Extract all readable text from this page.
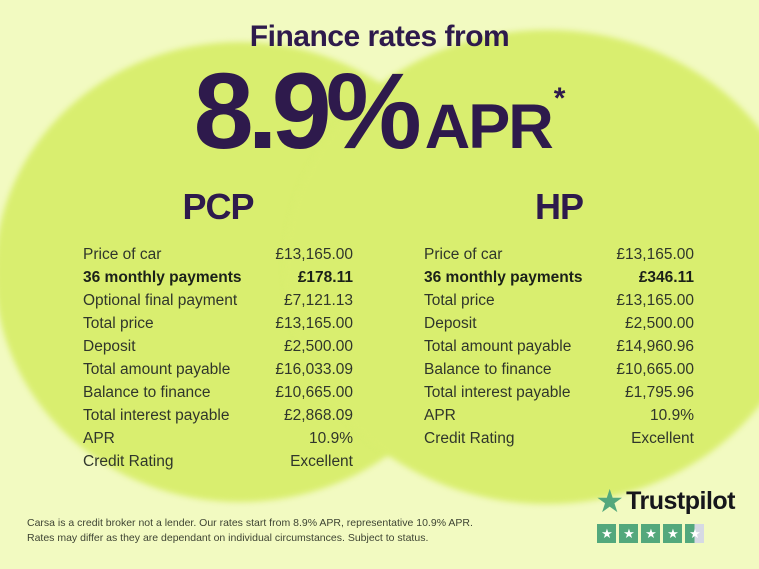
Finance rates from
8.9% APR *
PCP
Price of car	£13,165.00
36 monthly payments	£178.11
Optional final payment	£7,121.13
Total price	£13,165.00
Deposit	£2,500.00
Total amount payable	£16,033.09
Balance to finance	£10,665.00
Total interest payable	£2,868.09
APR	10.9%
Credit Rating	Excellent
HP
Price of car	£13,165.00
36 monthly payments	£346.11
Total price	£13,165.00
Deposit	£2,500.00
Total amount payable	£14,960.96
Balance to finance	£10,665.00
Total interest payable	£1,795.96
APR	10.9%
Credit Rating	Excellent

Carsa is a credit broker not a lender. Our rates start from 8.9% APR, representative 10.9% APR.
Rates may differ as they are dependant on individual circumstances. Subject to status.

★ Trustpilot
★ ★ ★ ★ ★
